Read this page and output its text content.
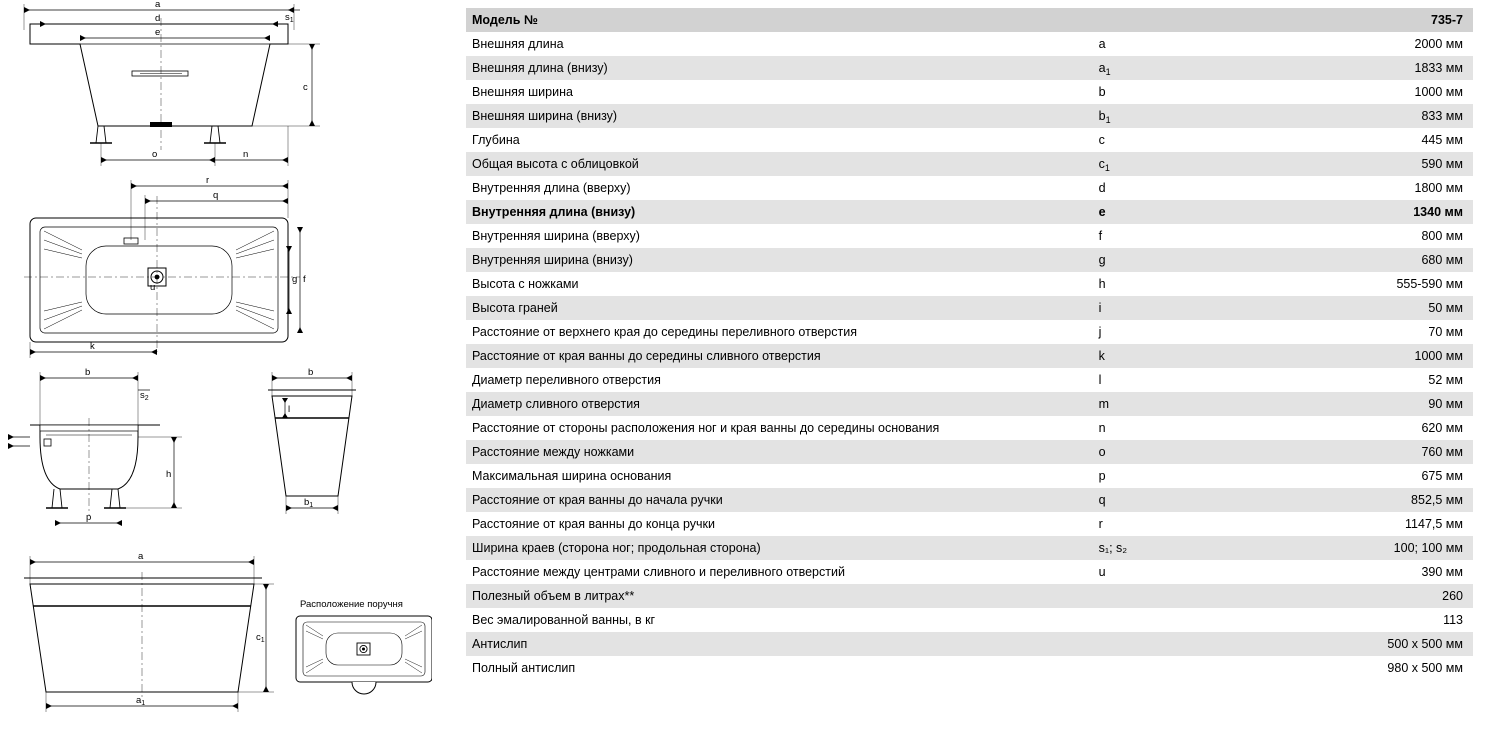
a
d
e
$s_1$
c
o	n
r
q
k
f
g
u
b
$s_2$
h
p
b
l
$b_1$
a
$c_1$
$a_1$
Расположение поручня
Модель №		735-7
Внешняя длина	a	2000 мм
Внешняя длина (внизу)	$a_1$	1833 мм
Внешняя ширина	b	1000 мм
Внешняя ширина (внизу)	$b_1$	833 мм
Глубина	c	445 мм
Общая высота с облицовкой	$c_1$	590 мм
Внутренняя длина (вверху)	d	1800 мм
Внутренняя длина (внизу)	e	1340 мм
Внутренняя ширина (вверху)	f	800 мм
Внутренняя ширина (внизу)	g	680 мм
Высота с ножками	h	555-590 мм
Высота граней	i	50 мм
Расстояние от верхнего края до середины переливного отверстия	j	70 мм
Расстояние от края ванны до середины сливного отверстия	k	1000 мм
Диаметр переливного отверстия	l	52 мм
Диаметр сливного отверстия	m	90 мм
Расстояние от стороны расположения ног и края ванны до середины основания	n	620 мм
Расстояние между ножками	o	760 мм
Максимальная ширина основания	p	675 мм
Расстояние от края ванны до начала ручки	q	852,5 мм
Расстояние от края ванны до конца ручки	r	1147,5 мм
Ширина краев (сторона ног; продольная сторона)	s₁; s₂	100; 100 мм
Расстояние между центрами сливного и переливного отверстий	u	390 мм
Полезный объем в литрах**		260
Вес эмалированной ванны, в кг		113
Антислип		500 x 500 мм
Полный антислип		980 x 500 мм
